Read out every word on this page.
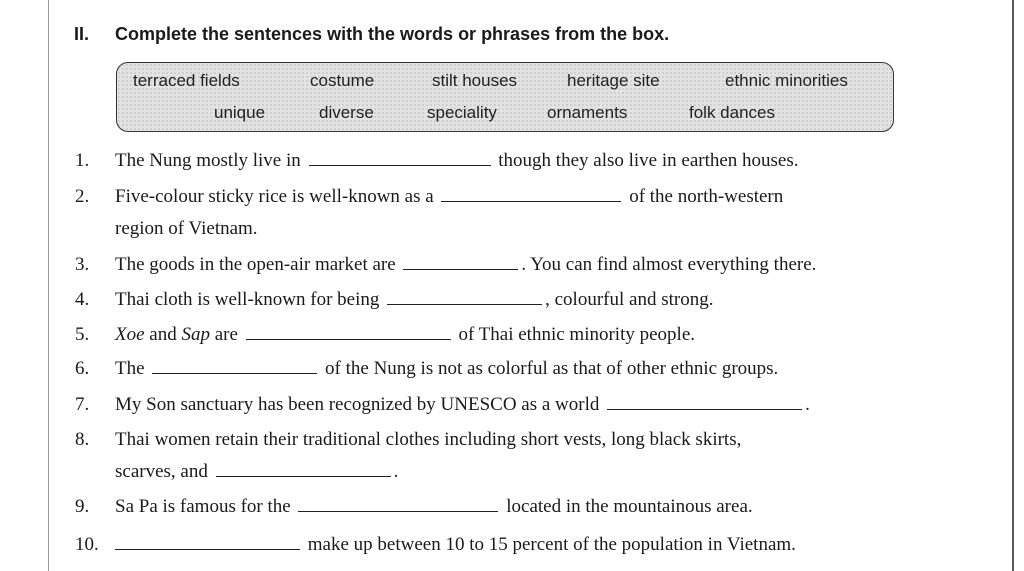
II. Complete the sentences with the words or phrases from the box.
terraced fields	costume	stilt houses	heritage site	ethnic minorities
unique	diverse	speciality	ornaments	folk dances
1. The Nung mostly live in	though they also live in earthen houses.
2. Five-colour sticky rice is well-known as a	of the north-western
region of Vietnam.
3. The goods in the open-air market are	. You can find almost everything there.
4. Thai cloth is well-known for being	, colourful and strong.
5. Xoe and Sap are	of Thai ethnic minority people.
6. The	of the Nung is not as colorful as that of other ethnic groups.
7. My Son sanctuary has been recognized by UNESCO as a world	.
8. Thai women retain their traditional clothes including short vests, long black skirts,
scarves, and	.
9. Sa Pa is famous for the	located in the mountainous area.
10.	make up between 10 to 15 percent of the population in Vietnam.
